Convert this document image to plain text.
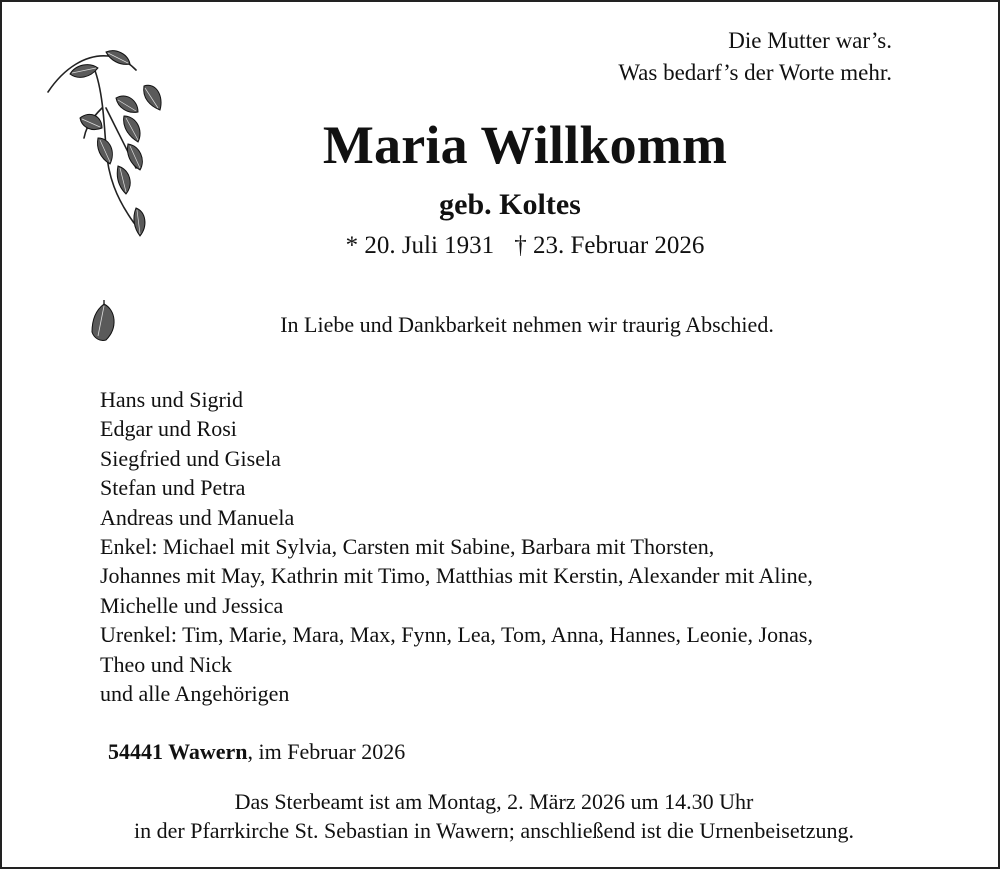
Die Mutter war’s.
Was bedarf’s der Worte mehr.
Maria Willkomm
geb. Koltes
* 20. Juli 1931 † 23. Februar 2026
In Liebe und Dankbarkeit nehmen wir traurig Abschied.
Hans und Sigrid
Edgar und Rosi
Siegfried und Gisela
Stefan und Petra
Andreas und Manuela
Enkel: Michael mit Sylvia, Carsten mit Sabine, Barbara mit Thorsten,
Johannes mit May, Kathrin mit Timo, Matthias mit Kerstin, Alexander mit Aline,
Michelle und Jessica
Urenkel: Tim, Marie, Mara, Max, Fynn, Lea, Tom, Anna, Hannes, Leonie, Jonas,
Theo und Nick
und alle Angehörigen
54441 Wawern, im Februar 2026
Das Sterbeamt ist am Montag, 2. März 2026 um 14.30 Uhr
in der Pfarrkirche St. Sebastian in Wawern; anschließend ist die Urnenbeisetzung.
